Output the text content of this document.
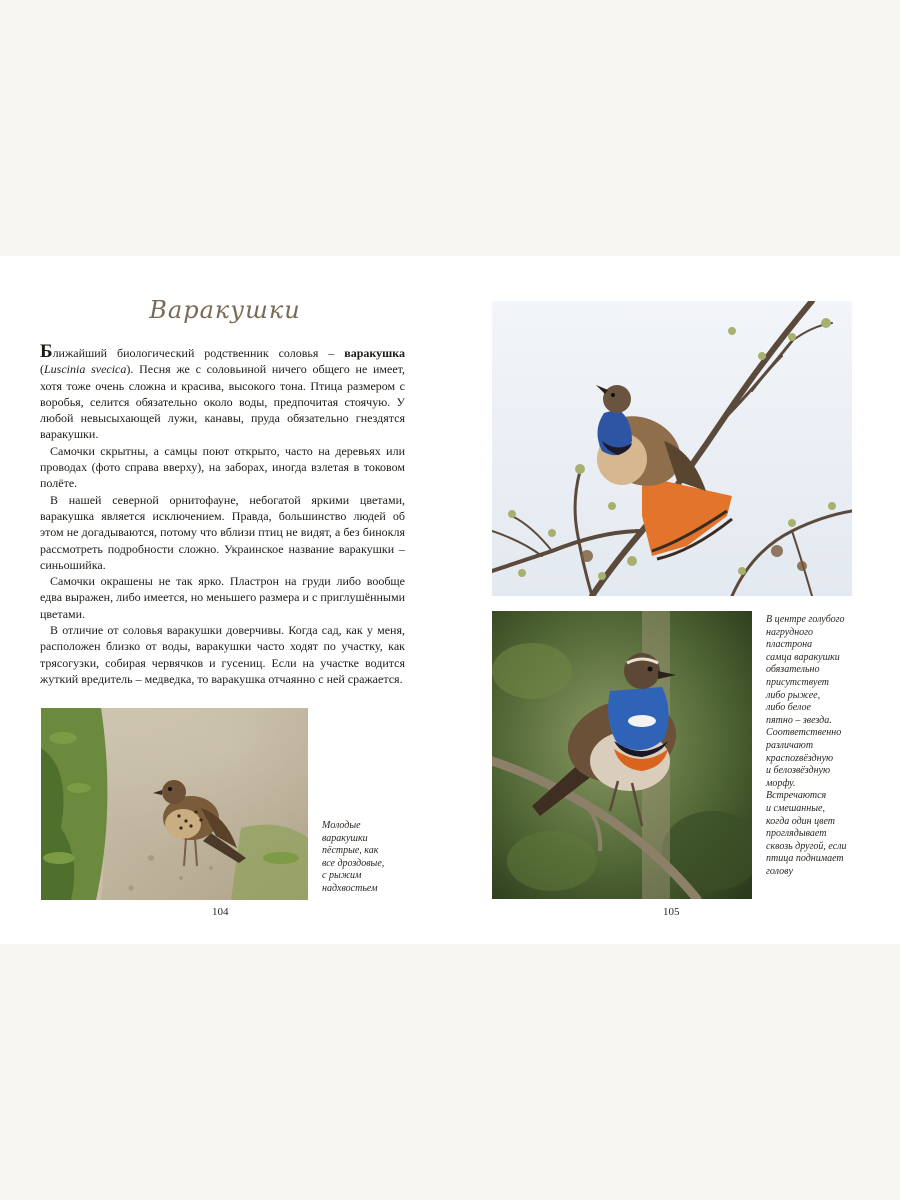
Варакушки

Ближайший биологический родственник соловья – варакушка (Luscinia svecica). Песня же с соловьиной ничего общего не имеет, хотя тоже очень сложна и красива, высокого тона. Птица размером с воробья, селится обязательно около воды, предпочитая стоячую. У любой невысыхающей лужи, канавы, пруда обязательно гнездятся варакушки.

Самочки скрытны, а самцы поют открыто, часто на деревьях или проводах (фото справа вверху), на заборах, иногда взлетая в токовом полёте.

В нашей северной орнитофауне, небогатой яркими цветами, варакушка является исключением. Правда, большинство людей об этом не догадываются, потому что вблизи птиц не видят, а без бинокля рассмотреть подробности сложно. Украинское название варакушки – синьошийка.

Самочки окрашены не так ярко. Пластрон на груди либо вообще едва выражен, либо имеется, но меньшего размера и с приглушёнными цветами.

В отличие от соловья варакушки доверчивы. Когда сад, как у меня, расположен близко от воды, варакушки часто ходят по участку, как трясогузки, собирая червячков и гусениц. Если на участке водится жуткий вредитель – медведка, то варакушка отчаянно с ней сражается.

Молодые
варакушки
пёстрые, как
все дроздовые,
с рыжим
надхвостьем
104
В центре голубого
нагрудного
пластрона
самца варакушки
обязательно
присутствует
либо рыжее,
либо белое
пятно – звезда.
Соответственно
различают
красnozвёздную
и белозвёздную
морфу.
Встречаются
и смешанные,
когда один цвет
проглядывает
сквозь другой, если
птица поднимает
голову
105
